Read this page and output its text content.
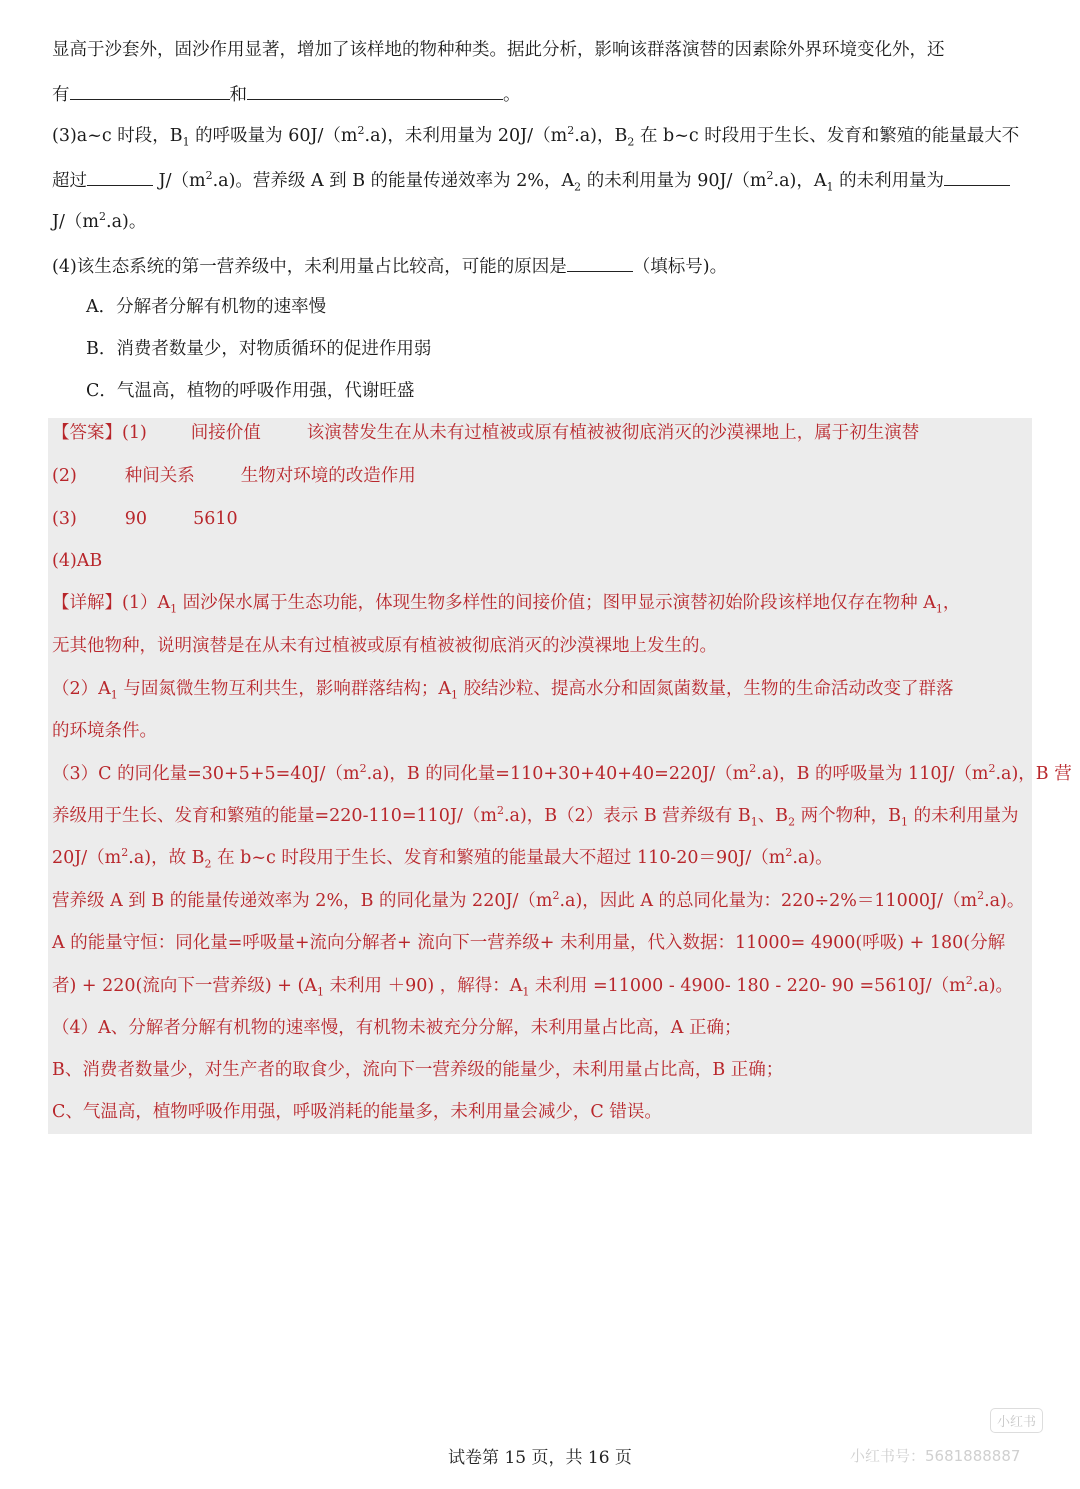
显高于沙套外，固沙作用显著，增加了该样地的物种种类。据此分析，影响该群落演替的因素除外界环境变化外，还
有	和	。
(3)a~c 时段，$B_1$ 的呼吸量为 $60J/(m^2.a)$，未利用量为 $20J/(m^2.a)$，$B_2$ 在 b~c 时段用于生长、发育和繁殖的能量最大不
超过	$J/(m^2.a)$。营养级 A 到 B 的能量传递效率为 2%，$A_2$ 的未利用量为 $90J/(m^2.a)$，$A_1$ 的未利用量为
$J/(m^2.a)$。
(4)该生态系统的第一营养级中，未利用量占比较高，可能的原因是	（填标号)。
A．分解者分解有机物的速率慢
B．消费者数量少，对物质循环的促进作用弱
C．气温高，植物的呼吸作用强，代谢旺盛
【答案】(1)	间接价值	该演替发生在从未有过植被或原有植被被彻底消灭的沙漠裸地上，属于初生演替
(2)	种间关系	生物对环境的改造作用
(3)	90	5610
(4)AB
【详解】$(1)A_1$ 固沙保水属于生态功能，体现生物多样性的间接价值；图甲显示演替初始阶段该样地仅存在物种 $A_1$，
无其他物种，说明演替是在从未有过植被或原有植被被彻底消灭的沙漠裸地上发生的。
$(2)A_1$ 与固氮微生物互利共生，影响群落结构；$A_1$ 胶结沙粒、提高水分和固氮菌数量，生物的生命活动改变了群落
的环境条件。
（3）C 的同化量$=30+5+5=40J/(m^2.a)$，B 的同化量$=110+30+40+40=220J/(m^2.a)$，B 的呼吸量为 $110J/(m^2.a)$，B 营
养级用于生长、发育和繁殖的能量$=220-110=110J/(m^2.a)$，B（2）表示 B 营养级有 $B_1$、$B_2$ 两个物种，$B_1$ 的未利用量为
$20J/(m^2.a)$，故 $B_2$ 在 b~c 时段用于生长、发育和繁殖的能量最大不超过 $110-20=90J/(m^2.a)$。
营养级 A 到 B 的能量传递效率为 2%，B 的同化量为 $220J/(m^2.a)$，因此 A 的总同化量为：$220\div 2\%=11000J/(m^2.a)$。
A 的能量守恒：同化量=呼吸量+流向分解者+ 流向下一营养级+ 未利用量，代入数据：11000= 4900(呼吸) + 180(分解
者) + 220(流向下一营养级) + ($A_1$ 未利用 ＋90) ，解得：$A_1$ 未利用 =11000 - 4900- 180 - 220- $90 =5610J/(m^2.a)$。
（4）A、分解者分解有机物的速率慢，有机物未被充分分解，未利用量占比高，A 正确；
B、消费者数量少，对生产者的取食少，流向下一营养级的能量少，未利用量占比高，B 正确；
C、气温高，植物呼吸作用强，呼吸消耗的能量多，未利用量会减少，C 错误。
试卷第 15 页，共 16 页
小红书
小红书号：5681888887
